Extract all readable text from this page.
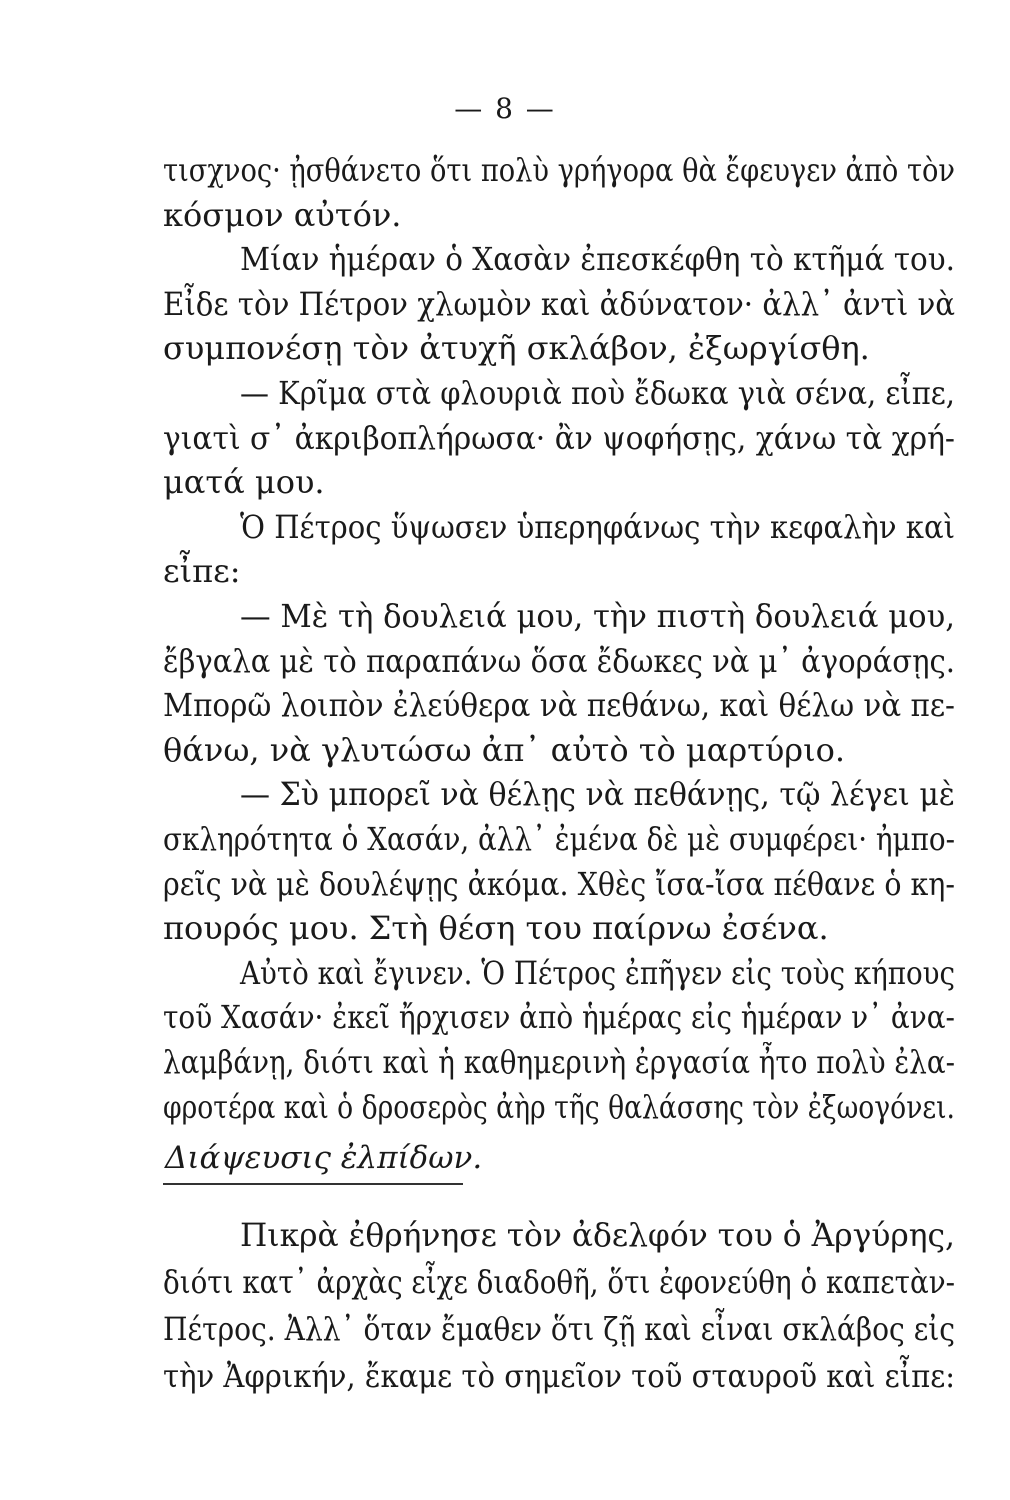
— 8 —
τισχνος· ᾐσθάνετο ὅτι πολὺ γρήγορα θὰ ἔφευγεν ἀπὸ τὸν
κόσμον αὐτόν.
Μίαν ἡμέραν ὁ Χασὰν ἐπεσκέφθη τὸ κτῆμά του.
Εἶδε τὸν Πέτρον χλωμὸν καὶ ἀδύνατον· ἀλλ᾽ ἀντὶ νὰ
συμπονέσῃ τὸν ἀτυχῆ σκλάβον, ἐξωργίσθη.
— Κρῖμα στὰ φλουριὰ ποὺ ἔδωκα γιὰ σένα, εἶπε,
γιατὶ σ᾽ ἀκριβοπλήρωσα· ἂν ψοφήσῃς, χάνω τὰ χρή-
ματά μου.
Ὁ Πέτρος ὕψωσεν ὑπερηφάνως τὴν κεφαλὴν καὶ
εἶπε:
— Μὲ τὴ δουλειά μου, τὴν πιστὴ δουλειά μου,
ἔβγαλα μὲ τὸ παραπάνω ὅσα ἔδωκες νὰ μ᾽ ἀγοράσῃς.
Μπορῶ λοιπὸν ἐλεύθερα νὰ πεθάνω, καὶ θέλω νὰ πε-
θάνω, νὰ γλυτώσω ἀπ᾽ αὐτὸ τὸ μαρτύριο.
— Σὺ μπορεῖ νὰ θέλῃς νὰ πεθάνῃς, τῷ λέγει μὲ
σκληρότητα ὁ Χασάν, ἀλλ᾽ ἐμένα δὲ μὲ συμφέρει· ἠμπο-
ρεῖς νὰ μὲ δουλέψῃς ἀκόμα. Χθὲς ἴσα-ἴσα πέθανε ὁ κη-
πουρός μου. Στὴ θέση του παίρνω ἐσένα.
Αὐτὸ καὶ ἔγινεν. Ὁ Πέτρος ἐπῆγεν εἰς τοὺς κήπους
τοῦ Χασάν· ἐκεῖ ἤρχισεν ἀπὸ ἡμέρας εἰς ἡμέραν ν᾽ ἀνα-
λαμβάνῃ, διότι καὶ ἡ καθημερινὴ ἐργασία ἦτο πολὺ ἐλα-
φροτέρα καὶ ὁ δροσερὸς ἀὴρ τῆς θαλάσσης τὸν ἐξωογόνει.
Διάψευσις ἐλπίδων.
Πικρὰ ἐθρήνησε τὸν ἀδελφόν του ὁ Ἀργύρης,
διότι κατ᾽ ἀρχὰς εἶχε διαδοθῆ, ὅτι ἐφονεύθη ὁ καπετὰν-
Πέτρος. Ἀλλ᾽ ὅταν ἔμαθεν ὅτι ζῇ καὶ εἶναι σκλάβος εἰς
τὴν Ἀφρικήν, ἔκαμε τὸ σημεῖον τοῦ σταυροῦ καὶ εἶπε:
